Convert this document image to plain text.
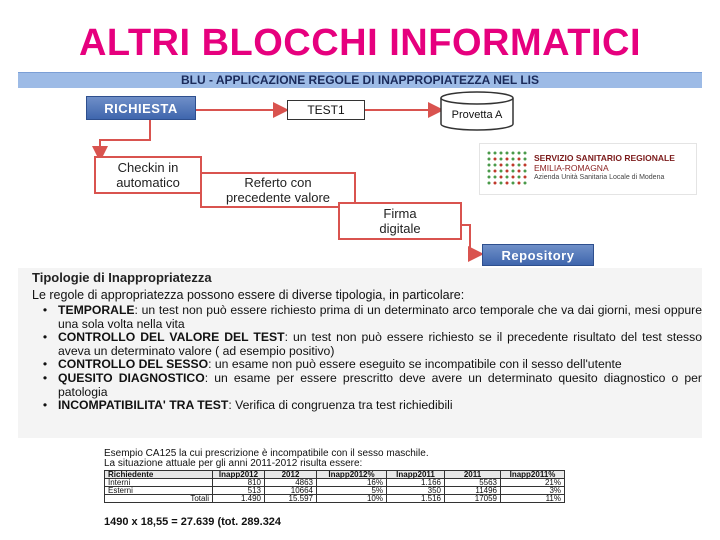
ALTRI BLOCCHI INFORMATICI
BLU - APPLICAZIONE REGOLE DI INAPPROPIATEZZA NEL LIS
RICHIESTA	TEST1	Provetta A
Checkin in
automatico	Referto con
precedente valore
Firma
digitale
Repository
SERVIZIO SANITARIO REGIONALE
EMILIA-ROMAGNA
Azienda Unità Sanitaria Locale di Modena
Tipologie di Inappropriatezza
Le regole di appropriatezza possono essere di diverse tipologia, in particolare:
• TEMPORALE: un test non può essere richiesto prima di un determinato arco temporale che va dai giorni, mesi oppure una sola volta nella vita
• CONTROLLO DEL VALORE DEL TEST: un test non può essere richiesto se il precedente risultato del test stesso aveva un determinato valore ( ad esempio positivo)
• CONTROLLO DEL SESSO: un esame non può essere eseguito se incompatibile con il sesso dell'utente
• QUESITO DIAGNOSTICO: un esame per essere prescritto deve avere un determinato quesito diagnostico o per patologia
• INCOMPATIBILITA' TRA TEST: Verifica di congruenza tra test richiedibili
Esempio CA125 la cui prescrizione è incompatibile con il sesso maschile.
La situazione attuale per gli anni 2011-2012 risulta essere:
Richiedente	Inapp2012	2012	Inapp2012%	Inapp2011	2011	Inapp2011%
Interni	810	4863	16%	1.166	5563	21%
Esterni	513	10664	5%	350	11496	3%
Totali	1.490	15.597	10%	1.516	17059	11%
1490 x 18,55 = 27.639 (tot. 289.324
